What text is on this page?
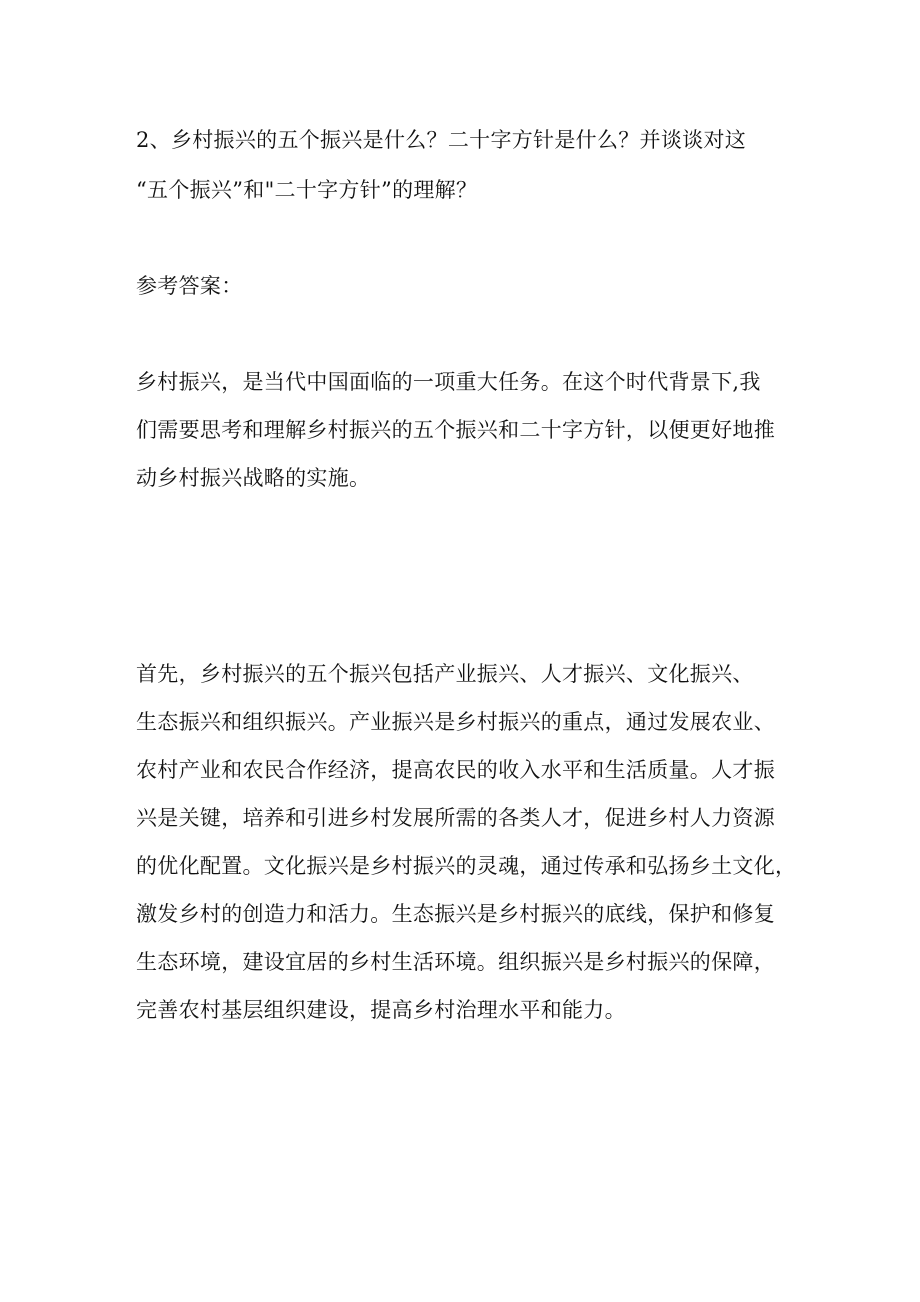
2、乡村振兴的五个振兴是什么？二十字方针是什么？并谈谈对这
“五个振兴”和"二十字方针”的理解？
参考答案：
乡村振兴，是当代中国面临的一项重大任务。在这个时代背景下,我
们需要思考和理解乡村振兴的五个振兴和二十字方针，以便更好地推
动乡村振兴战略的实施。
首先，乡村振兴的五个振兴包括产业振兴、人才振兴、文化振兴、
生态振兴和组织振兴。产业振兴是乡村振兴的重点，通过发展农业、
农村产业和农民合作经济，提高农民的收入水平和生活质量。人才振
兴是关键，培养和引进乡村发展所需的各类人才，促进乡村人力资源
的优化配置。文化振兴是乡村振兴的灵魂，通过传承和弘扬乡土文化，
激发乡村的创造力和活力。生态振兴是乡村振兴的底线，保护和修复
生态环境，建设宜居的乡村生活环境。组织振兴是乡村振兴的保障，
完善农村基层组织建设，提高乡村治理水平和能力。
